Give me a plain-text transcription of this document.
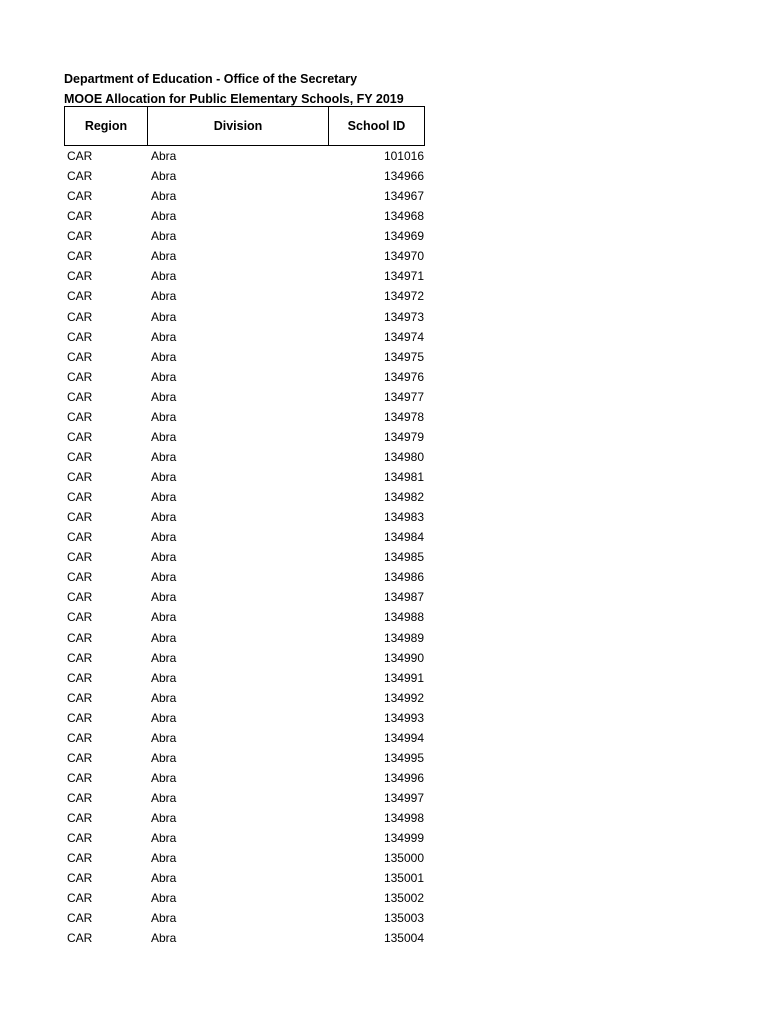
Department of Education - Office of the Secretary

MOOE Allocation for Public Elementary Schools, FY 2019

Region	Division	School ID
CAR	Abra	101016
CAR	Abra	134966
CAR	Abra	134967
CAR	Abra	134968
CAR	Abra	134969
CAR	Abra	134970
CAR	Abra	134971
CAR	Abra	134972
CAR	Abra	134973
CAR	Abra	134974
CAR	Abra	134975
CAR	Abra	134976
CAR	Abra	134977
CAR	Abra	134978
CAR	Abra	134979
CAR	Abra	134980
CAR	Abra	134981
CAR	Abra	134982
CAR	Abra	134983
CAR	Abra	134984
CAR	Abra	134985
CAR	Abra	134986
CAR	Abra	134987
CAR	Abra	134988
CAR	Abra	134989
CAR	Abra	134990
CAR	Abra	134991
CAR	Abra	134992
CAR	Abra	134993
CAR	Abra	134994
CAR	Abra	134995
CAR	Abra	134996
CAR	Abra	134997
CAR	Abra	134998
CAR	Abra	134999
CAR	Abra	135000
CAR	Abra	135001
CAR	Abra	135002
CAR	Abra	135003
CAR	Abra	135004
